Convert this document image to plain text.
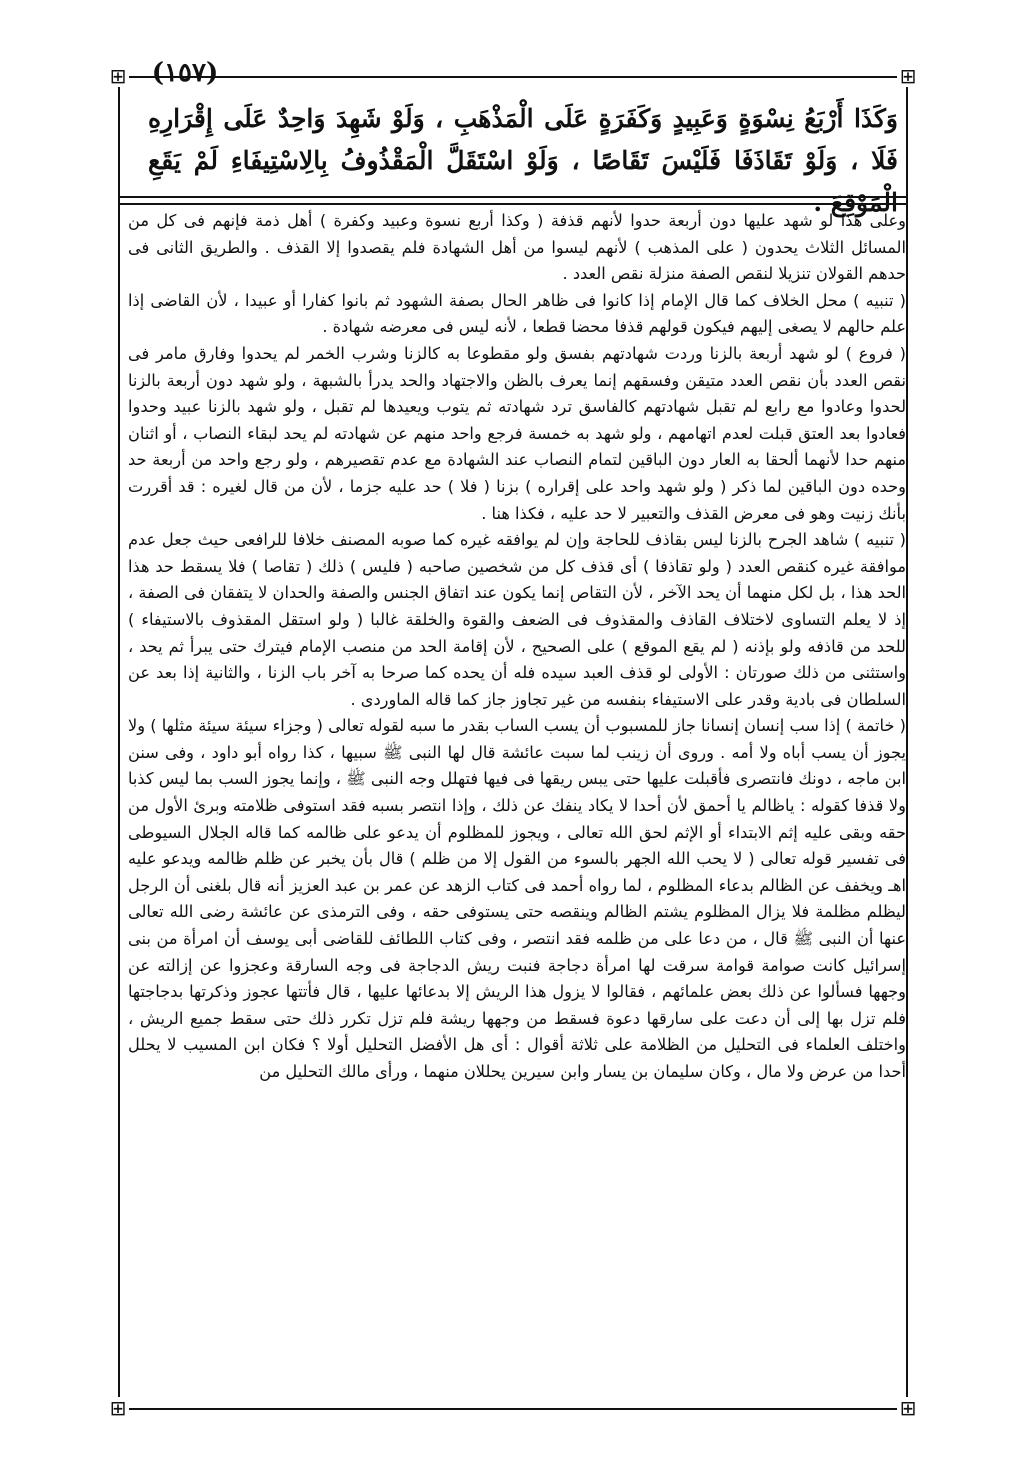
(١٥٧)
⊞	⊞
وَكَذَا أَرْبَعُ نِسْوَةٍ وَعَبِيدٍ وَكَفَرَةٍ عَلَى الْمَذْهَبِ ، وَلَوْ شَهِدَ وَاحِدٌ عَلَى إِقْرَارِهِ فَلَا ، وَلَوْ تَقَاذَفَا فَلَيْسَ تَقَاصًا ، وَلَوْ اسْتَقَلَّ الْمَقْذُوفُ بِالِاسْتِيفَاءِ لَمْ يَقَعِ الْمَوْقِعَ .

وعلى هذا لو شهد عليها دون أربعة حدوا لأنهم قذفة ( وكذا أربع نسوة وعبيد وكفرة ) أهل ذمة فإنهم فى كل من المسائل الثلاث يحدون ( على المذهب ) لأنهم ليسوا من أهل الشهادة فلم يقصدوا إلا القذف . والطريق الثانى فى حدهم القولان تنزيلا لنقص الصفة منزلة نقص العدد .

( تنبيه ) محل الخلاف كما قال الإمام إذا كانوا فى ظاهر الحال بصفة الشهود ثم بانوا كفارا أو عبيدا ، لأن القاضى إذا علم حالهم لا يصغى إليهم فيكون قولهم قذفا محضا قطعا ، لأنه ليس فى معرضه شهادة .

( فروع ) لو شهد أربعة بالزنا وردت شهادتهم بفسق ولو مقطوعا به كالزنا وشرب الخمر لم يحدوا وفارق مامر فى نقص العدد بأن نقص العدد متيقن وفسقهم إنما يعرف بالظن والاجتهاد والحد يدرأ بالشبهة ، ولو شهد دون أربعة بالزنا لحدوا وعادوا مع رابع لم تقبل شهادتهم كالفاسق ترد شهادته ثم يتوب ويعيدها لم تقبل ، ولو شهد بالزنا عبيد وحدوا فعادوا بعد العتق قبلت لعدم اتهامهم ، ولو شهد به خمسة فرجع واحد منهم عن شهادته لم يحد لبقاء النصاب ، أو اثنان منهم حدا لأنهما ألحقا به العار دون الباقين لتمام النصاب عند الشهادة مع عدم تقصيرهم ، ولو رجع واحد من أربعة حد وحده دون الباقين لما ذكر ( ولو شهد واحد على إقراره ) بزنا ( فلا ) حد عليه جزما ، لأن من قال لغيره : قد أقررت بأنك زنيت وهو فى معرض القذف والتعبير لا حد عليه ، فكذا هنا .

( تنبيه ) شاهد الجرح بالزنا ليس بقاذف للحاجة وإن لم يوافقه غيره كما صوبه المصنف خلافا للرافعى حيث جعل عدم موافقة غيره كنقص العدد ( ولو تقاذفا ) أى قذف كل من شخصين صاحبه ( فليس ) ذلك ( تقاصا ) فلا يسقط حد هذا الحد هذا ، بل لكل منهما أن يحد الآخر ، لأن التقاص إنما يكون عند اتفاق الجنس والصفة والحدان لا يتفقان فى الصفة ، إذ لا يعلم التساوى لاختلاف القاذف والمقذوف فى الضعف والقوة والخلقة غالبا ( ولو استقل المقذوف بالاستيفاء ) للحد من قاذفه ولو بإذنه ( لم يقع الموقع ) على الصحيح ، لأن إقامة الحد من منصب الإمام فيترك حتى يبرأ ثم يحد ، واستثنى من ذلك صورتان : الأولى لو قذف العبد سيده فله أن يحده كما صرحا به آخر باب الزنا ، والثانية إذا بعد عن السلطان فى بادية وقدر على الاستيفاء بنفسه من غير تجاوز جاز كما قاله الماوردى .

( خاتمة ) إذا سب إنسان إنسانا جاز للمسبوب أن يسب الساب بقدر ما سبه لقوله تعالى ( وجزاء سيئة سيئة مثلها ) ولا يجوز أن يسب أباه ولا أمه . وروى أن زينب لما سبت عائشة قال لها النبى ﷺ سبيها ، كذا رواه أبو داود ، وفى سنن ابن ماجه ، دونك فانتصرى فأقبلت عليها حتى يبس ريقها فى فيها فتهلل وجه النبى ﷺ ، وإنما يجوز السب بما ليس كذبا ولا قذفا كقوله : ياظالم يا أحمق لأن أحدا لا يكاد ينفك عن ذلك ، وإذا انتصر بسبه فقد استوفى ظلامته وبرئ الأول من حقه وبقى عليه إثم الابتداء أو الإثم لحق الله تعالى ، ويجوز للمظلوم أن يدعو على ظالمه كما قاله الجلال السيوطى فى تفسير قوله تعالى ( لا يحب الله الجهر بالسوء من القول إلا من ظلم ) قال بأن يخبر عن ظلم ظالمه ويدعو عليه اهـ ويخفف عن الظالم بدعاء المظلوم ، لما رواه أحمد فى كتاب الزهد عن عمر بن عبد العزيز أنه قال بلغنى أن الرجل ليظلم مظلمة فلا يزال المظلوم يشتم الظالم وينقصه حتى يستوفى حقه ، وفى الترمذى عن عائشة رضى الله تعالى عنها أن النبى ﷺ قال ، من دعا على من ظلمه فقد انتصر ، وفى كتاب اللطائف للقاضى أبى يوسف أن امرأة من بنى إسرائيل كانت صوامة قوامة سرقت لها امرأة دجاجة فنبت ريش الدجاجة فى وجه السارقة وعجزوا عن إزالته عن وجهها فسألوا عن ذلك بعض علمائهم ، فقالوا لا يزول هذا الريش إلا بدعائها عليها ، قال فأتتها عجوز وذكرتها بدجاجتها فلم تزل بها إلى أن دعت على سارقها دعوة فسقط من وجهها ريشة فلم تزل تكرر ذلك حتى سقط جميع الريش ، واختلف العلماء فى التحليل من الظلامة على ثلاثة أقوال : أى هل الأفضل التحليل أولا ؟ فكان ابن المسيب لا يحلل أحدا من عرض ولا مال ، وكان سليمان بن يسار وابن سيرين يحللان منهما ، ورأى مالك التحليل من

⊞	⊞
